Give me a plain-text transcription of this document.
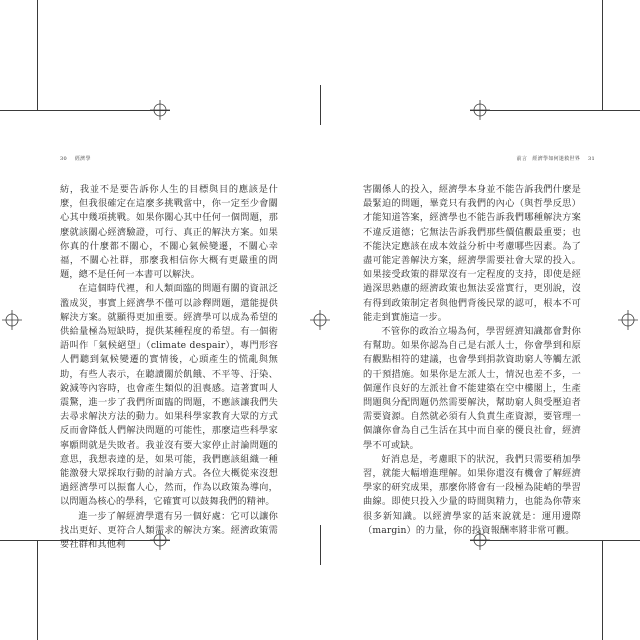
30 經濟學	前言　經濟學如何迷救世界 31

紡，我並不是要告訴你人生的目標與目的應該是什麼，但我很確定在這麼多挑戰當中，你一定至少會關心其中幾項挑戰。如果你關心其中任何一個問題，那麼就該關心經濟驗證，可行、真正的解決方案。如果你真的什麼都不關心，不關心氣候變遷，不關心幸福，不關心社群，那麼我相信你大概有更嚴重的問題，總不是任何一本書可以解決。

在這個時代裡，和人類面臨的問題有關的資訊泛濫成災，事實上經濟學不僅可以診釋問題，還能提供解決方案。就顯得更加重要。經濟學可以成為希望的供給量極為短缺時，提供某種程度的希望。有一個術語叫作「氣候絕望」（climate despair），專門形容人們聽到氣候變遷的實情後，心頭產生的慌亂與無助，有些人表示，在聽讀關於飢餓、不平等、汙染、銳減等內容時，也會產生類似的沮喪感。這著實叫人震驚，進一步了我們所面臨的問題，不應該讓我們失去尋求解決方法的動力。如果科學家教育大眾的方式反而會降低人們解決問題的可能性，那麼這些科學家寧願問就是失敗者。我並沒有要大家停止討論問題的意思，我想表達的是，如果可能，我們應該組織一種能激發大眾採取行動的討論方式。各位大概從來沒想過經濟學可以振奮人心，然而，作為以政策為導向，以問題為核心的學科，它確實可以鼓舞我們的精神。

進一步了解經濟學還有另一個好處：它可以讓你找出更好、更符合人類需求的解決方案。經濟政策需要社群和其他利

害關係人的投入，經濟學本身並不能告訴我們什麼是最緊迫的問題，畢竟只有我們的內心（與哲學反思）才能知道答案，經濟學也不能告訴我們哪種解決方案不違反道德；它無法告訴我們那些價值觀最重要；也不能決定應該在成本效益分析中考慮哪些因素。為了盡可能定善解決方案，經濟學需要社會大眾的投入。如果接受政策的群眾沒有一定程度的支持，即使是經過深思熟慮的經濟政策也無法妥當實行，更別說，沒有得到政策制定者與他們背後民眾的認可，根本不可能走到實施這一步。

不管你的政治立場為何，學習經濟知識都會對你有幫助。如果你認為自己是右派人士，你會學到和原有觀點相符的建議，也會學到捐款資助窮人等觸左派的干預措施。如果你是左派人士，情況也差不多，一個運作良好的左派社會不能建築在空中樓閣上，生產問題與分配問題仍然需要解決，幫助窮人與受壓迫者需要資源。自然就必須有人負責生產資源，要管理一個讓你會為自己生活在其中而自豪的優良社會，經濟學不可或缺。

好消息是，考慮眼下的狀況，我們只需要稍加學習，就能大幅增進理解。如果你還沒有機會了解經濟學家的研究成果，那麼你將會有一段極為陡峭的學習曲線。即使只投入少量的時間與精力，也能為你帶來很多新知識。以經濟學家的話來說就是：運用邊際（margin）的力量，你的投資報酬率將非常可觀。
